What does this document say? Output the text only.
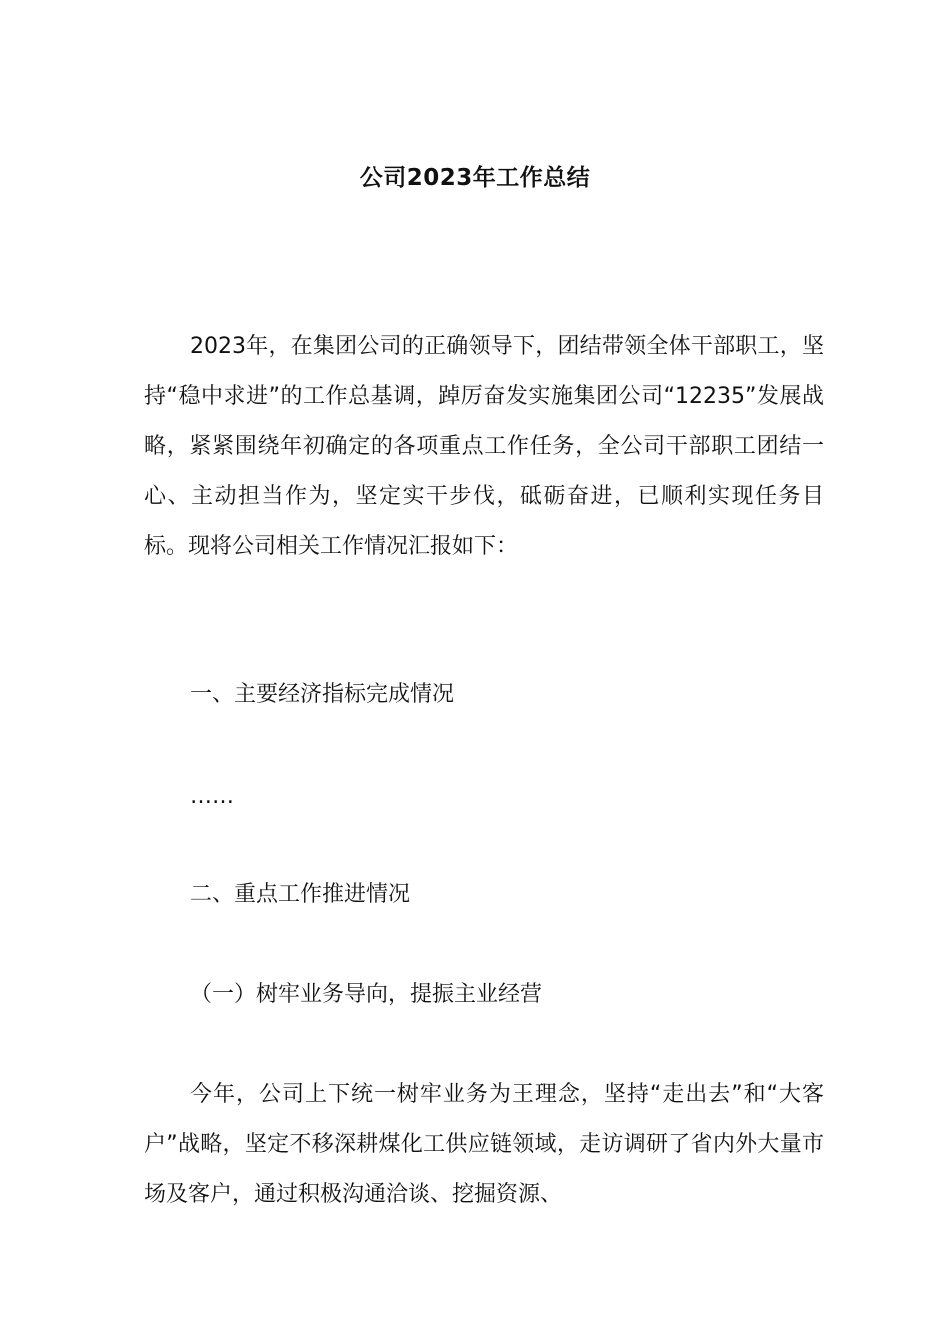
公司2023年工作总结

2023年，在集团公司的正确领导下，团结带领全体干部职工，坚持“稳中求进”的工作总基调，踔厉奋发实施集团公司“12235”发展战略，紧紧围绕年初确定的各项重点工作任务，全公司干部职工团结一心、主动担当作为，坚定实干步伐，砥砺奋进，已顺利实现任务目标。现将公司相关工作情况汇报如下：

一、主要经济指标完成情况
……
二、重点工作推进情况
（一）树牢业务导向，提振主业经营

今年，公司上下统一树牢业务为王理念，坚持“走出去”和“大客户”战略，坚定不移深耕煤化工供应链领域，走访调研了省内外大量市场及客户，通过积极沟通洽谈、挖掘资源、
